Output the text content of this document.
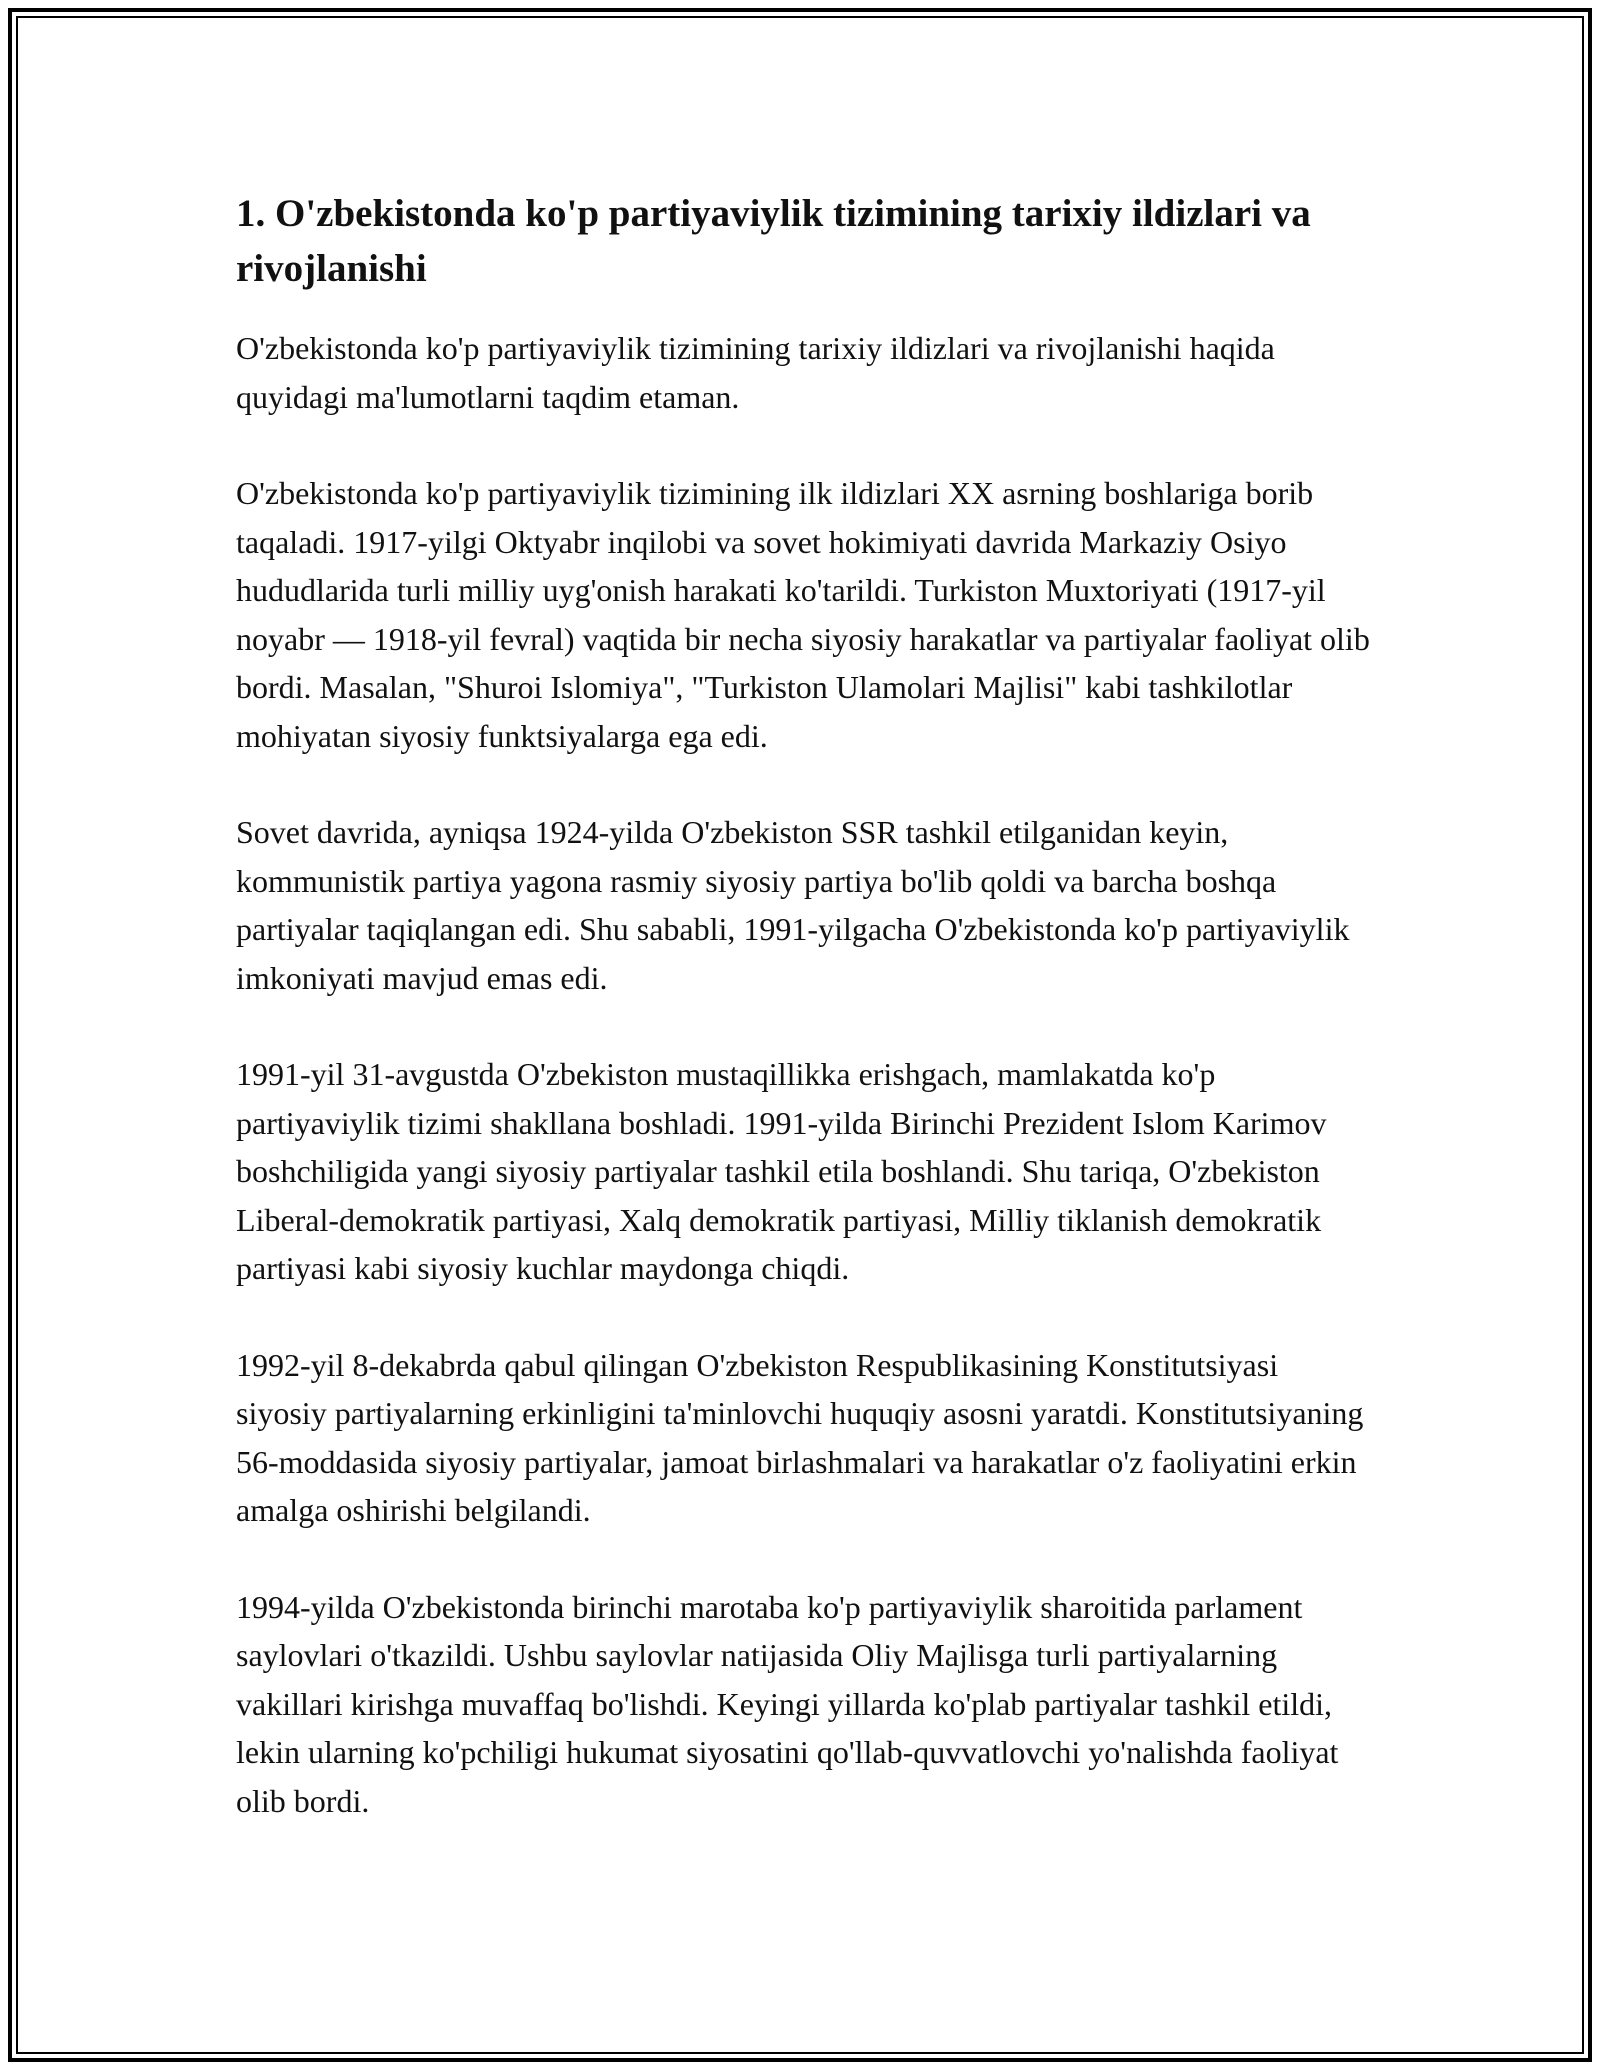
1. O'zbekistonda ko'p partiyaviylik tizimining tarixiy ildizlari va rivojlanishi

O'zbekistonda ko'p partiyaviylik tizimining tarixiy ildizlari va rivojlanishi haqida quyidagi ma'lumotlarni taqdim etaman.

O'zbekistonda ko'p partiyaviylik tizimining ilk ildizlari XX asrning boshlariga borib taqaladi. 1917-yilgi Oktyabr inqilobi va sovet hokimiyati davrida Markaziy Osiyo hududlarida turli milliy uyg'onish harakati ko'tarildi. Turkiston Muxtoriyati (1917-yil noyabr — 1918-yil fevral) vaqtida bir necha siyosiy harakatlar va partiyalar faoliyat olib bordi. Masalan, "Shuroi Islomiya", "Turkiston Ulamolari Majlisi" kabi tashkilotlar mohiyatan siyosiy funktsiyalarga ega edi.

Sovet davrida, ayniqsa 1924-yilda O'zbekiston SSR tashkil etilganidan keyin, kommunistik partiya yagona rasmiy siyosiy partiya bo'lib qoldi va barcha boshqa partiyalar taqiqlangan edi. Shu sababli, 1991-yilgacha O'zbekistonda ko'p partiyaviylik imkoniyati mavjud emas edi.

1991-yil 31-avgustda O'zbekiston mustaqillikka erishgach, mamlakatda ko'p partiyaviylik tizimi shakllana boshladi. 1991-yilda Birinchi Prezident Islom Karimov boshchiligida yangi siyosiy partiyalar tashkil etila boshlandi. Shu tariqa, O'zbekiston Liberal-demokratik partiyasi, Xalq demokratik partiyasi, Milliy tiklanish demokratik partiyasi kabi siyosiy kuchlar maydonga chiqdi.

1992-yil 8-dekabrda qabul qilingan O'zbekiston Respublikasining Konstitutsiyasi siyosiy partiyalarning erkinligini ta'minlovchi huquqiy asosni yaratdi. Konstitutsiyaning 56-moddasida siyosiy partiyalar, jamoat birlashmalari va harakatlar o'z faoliyatini erkin amalga oshirishi belgilandi.

1994-yilda O'zbekistonda birinchi marotaba ko'p partiyaviylik sharoitida parlament saylovlari o'tkazildi. Ushbu saylovlar natijasida Oliy Majlisga turli partiyalarning vakillari kirishga muvaffaq bo'lishdi. Keyingi yillarda ko'plab partiyalar tashkil etildi, lekin ularning ko'pchiligi hukumat siyosatini qo'llab-quvvatlovchi yo'nalishda faoliyat olib bordi.
